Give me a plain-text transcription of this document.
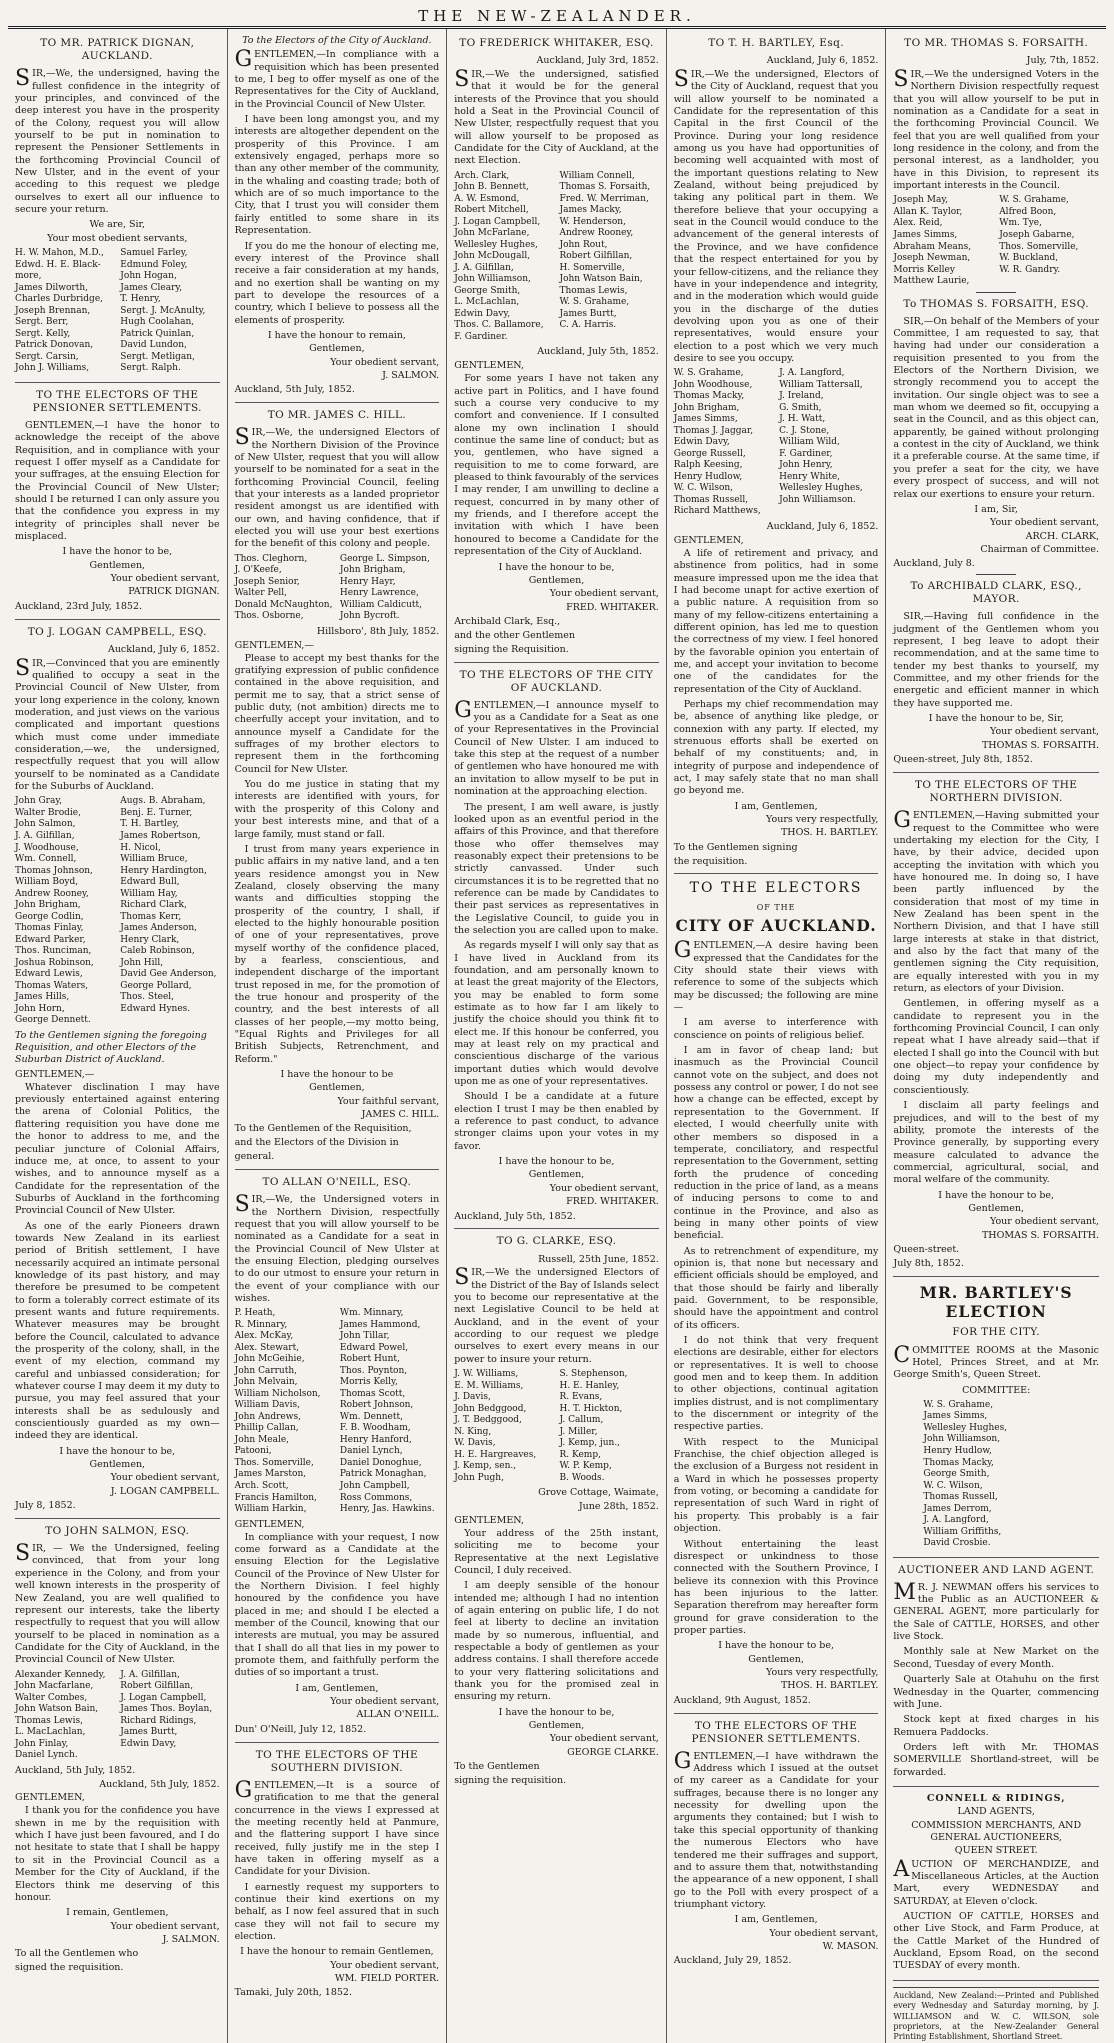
THE NEW-ZEALANDER.
TO MR. PATRICK DIGNAN, AUCKLAND.

SIR,—We, the undersigned, having the fullest confidence in the integrity of your principles, and convinced of the deep interest you have in the prosperity of the Colony, request you will allow yourself to be put in nomination to represent the Pensioner Settlements in the forthcoming Provincial Council of New Ulster, and in the event of your acceding to this request we pledge ourselves to exert all our influence to secure your return.

We are, Sir,
Your most obedient servants,
H. W. Mahon, M.D.,	Samuel Farley,
Edwd. H. E. Black-	Edmund Foley,
more,	John Hogan,
James Dilworth,	James Cleary,
Charles Durbridge,	T. Henry,
Joseph Brennan,	Sergt. J. McAnulty,
Sergt. Berr,	Hugh Coolahan,
Sergt. Kelly,	Patrick Quinlan,
Patrick Donovan,	David Lundon,
Sergt. Carsin,	Sergt. Metligan,
John J. Williams,	Sergt. Ralph.
TO THE ELECTORS OF THE PENSIONER SETTLEMENTS.

GENTLEMEN,—I have the honor to acknowledge the receipt of the above Requisition, and in compliance with your request I offer myself as a Candidate for your suffrages, at the ensuing Election for the Provincial Council of New Ulster; should I be returned I can only assure you that the confidence you express in my integrity of principles shall never be misplaced.

I have the honor to be,
Gentlemen,
Your obedient servant,
PATRICK DIGNAN.
Auckland, 23rd July, 1852.
TO J. LOGAN CAMPBELL, ESQ.
Auckland, July 6, 1852.

SIR,—Convinced that you are eminently qualified to occupy a seat in the Provincial Council of New Ulster, from your long experience in the colony, known moderation, and just views on the various complicated and important questions which must come under immediate consideration,—we, the undersigned, respectfully request that you will allow yourself to be nominated as a Candidate for the Suburbs of Auckland.

John Gray,	Augs. B. Abraham,
Walter Brodie,	Benj. E. Turner,
John Salmon,	T. H. Bartley,
J. A. Gilfillan,	James Robertson,
J. Woodhouse,	H. Nicol,
Wm. Connell,	William Bruce,
Thomas Johnson,	Henry Hardington,
William Boyd,	Edward Bull,
Andrew Rooney,	William Hay,
John Brigham,	Richard Clark,
George Codlin,	Thomas Kerr,
Thomas Finlay,	James Anderson,
Edward Parker,	Henry Clark,
Thos. Runciman,	Caleb Robinson,
Joshua Robinson,	John Hill,
Edward Lewis,	David Gee Anderson,
Thomas Waters,	George Pollard,
James Hills,	Thos. Steel,
John Horn,	Edward Hynes.
George Dennett.
To the Gentlemen signing the foregoing Requisition, and other Electors of the Suburban District of Auckland.
GENTLEMEN,—

Whatever disclination I may have previously entertained against entering the arena of Colonial Politics, the flattering requisition you have done me the honor to address to me, and the peculiar juncture of Colonial Affairs, induce me, at once, to assent to your wishes, and to announce myself as a Candidate for the representation of the Suburbs of Auckland in the forthcoming Provincial Council of New Ulster.

As one of the early Pioneers drawn towards New Zealand in its earliest period of British settlement, I have necessarily acquired an intimate personal knowledge of its past history, and may therefore be presumed to be competent to form a tolerably correct estimate of its present wants and future requirements. Whatever measures may be brought before the Council, calculated to advance the prosperity of the colony, shall, in the event of my election, command my careful and unbiassed consideration; for whatever course I may deem it my duty to pursue, you may feel assured that your interests shall be as sedulously and conscientiously guarded as my own—indeed they are identical.

I have the honour to be,
Gentlemen,
Your obedient servant,
J. LOGAN CAMPBELL.
July 8, 1852.
TO JOHN SALMON, ESQ.

SIR, — We the Undersigned, feeling convinced, that from your long experience in the Colony, and from your well known interests in the prosperity of New Zealand, you are well qualified to represent our interests, take the liberty respectfully to request that you will allow yourself to be placed in nomination as a Candidate for the City of Auckland, in the Provincial Council of New Ulster.

Alexander Kennedy,	J. A. Gilfillan,
John Macfarlane,	Robert Gilfillan,
Walter Combes,	J. Logan Campbell,
John Watson Bain,	James Thos. Boylan,
Thomas Lewis,	Richard Ridings,
L. MacLachlan,	James Burtt,
John Finlay,	Edwin Davy,
Daniel Lynch.
Auckland, 5th July, 1852.
Auckland, 5th July, 1852.
GENTLEMEN,

I thank you for the confidence you have shewn in me by the requisition with which I have just been favoured, and I do not hesitate to state that I shall be happy to sit in the Provincial Council as a Member for the City of Auckland, if the Electors think me deserving of this honour.

I remain, Gentlemen,
Your obedient servant,
J. SALMON.
To all the Gentlemen who
signed the requisition.
To the Electors of the City of Auckland.

GENTLEMEN,—In compliance with a requisition which has been presented to me, I beg to offer myself as one of the Representatives for the City of Auckland, in the Provincial Council of New Ulster.

I have been long amongst you, and my interests are altogether dependent on the prosperity of this Province. I am extensively engaged, perhaps more so than any other member of the community, in the whaling and coasting trade; both of which are of so much importance to the City, that I trust you will consider them fairly entitled to some share in its Representation.

If you do me the honour of electing me, every interest of the Province shall receive a fair consideration at my hands, and no exertion shall be wanting on my part to develope the resources of a country, which I believe to possess all the elements of prosperity.

I have the honour to remain,
Gentlemen,
Your obedient servant,
J. SALMON.
Auckland, 5th July, 1852.
TO MR. JAMES C. HILL.

SIR,—We, the undersigned Electors of the Northern Division of the Province of New Ulster, request that you will allow yourself to be nominated for a seat in the forthcoming Provincial Council, feeling that your interests as a landed proprietor resident amongst us are identified with our own, and having confidence, that if elected you will use your best exertions for the benefit of this colony and people.

Thos. Cleghorn,	George L. Simpson,
J. O'Keefe,	John Brigham,
Joseph Senior,	Henry Hayr,
Walter Pell,	Henry Lawrence,
Donald McNaughton, William Caldicutt,
Thos. Osborne,	John Bycroft.
Hillsboro', 8th July, 1852.
GENTLEMEN,—

Please to accept my best thanks for the gratifying expression of public confidence contained in the above requisition, and permit me to say, that a strict sense of public duty, (not ambition) directs me to cheerfully accept your invitation, and to announce myself a Candidate for the suffrages of my brother electors to represent them in the forthcoming Council for New Ulster.

You do me justice in stating that my interests are identified with yours, for with the prosperity of this Colony and your best interests mine, and that of a large family, must stand or fall.

I trust from many years experience in public affairs in my native land, and a ten years residence amongst you in New Zealand, closely observing the many wants and difficulties stopping the prosperity of the country, I shall, if elected to the highly honourable position of one of your representatives, prove myself worthy of the confidence placed, by a fearless, conscientious, and independent discharge of the important trust reposed in me, for the promotion of the true honour and prosperity of the country, and the best interests of all classes of her people,—my motto being, "Equal Rights and Privileges for all British Subjects, Retrenchment, and Reform."

I have the honour to be
Gentlemen,
Your faithful servant,
JAMES C. HILL.
To the Gentlemen of the Requisition,
and the Electors of the Division in
general.
TO ALLAN O'NEILL, ESQ.

SIR,—We, the Undersigned voters in the Northern Division, respectfully request that you will allow yourself to be nominated as a Candidate for a seat in the Provincial Council of New Ulster at the ensuing Election, pledging ourselves to do our utmost to ensure your return in the event of your compliance with our wishes.

P. Heath,	Wm. Minnary,
R. Minnary,	James Hammond,
Alex. McKay,	John Tillar,
Alex. Stewart,	Edward Powel,
John McGeihie,	Robert Hunt,
John Carruth,	Thos. Poynton,
John Melvain,	Morris Kelly,
William Nicholson,	Thomas Scott,
William Davis,	Robert Johnson,
John Andrews,	Wm. Dennett,
Phillip Callan,	F. B. Woodham,
John Meale,	Henry Hanford,
Patooni,	Daniel Lynch,
Thos. Somerville,	Daniel Donoghue,
James Marston,	Patrick Monaghan,
Arch. Scott,	John Campbell,
Francis Hamilton,	Ross Commons,
William Harkin,	Henry, Jas. Hawkins.
GENTLEMEN,

In compliance with your request, I now come forward as a Candidate at the ensuing Election for the Legislative Council of the Province of New Ulster for the Northern Division. I feel highly honoured by the confidence you have placed in me; and should I be elected a member of the Council, knowing that our interests are mutual, you may be assured that I shall do all that lies in my power to promote them, and faithfully perform the duties of so important a trust.

I am, Gentlemen,
Your obedient servant,
ALLAN O'NEILL.
Dun' O'Neill, July 12, 1852.
TO THE ELECTORS OF THE SOUTHERN DIVISION.

GENTLEMEN,—It is a source of gratification to me that the general concurrence in the views I expressed at the meeting recently held at Panmure, and the flattering support I have since received, fully justify me in the step I have taken in offering myself as a Candidate for your Division.

I earnestly request my supporters to continue their kind exertions on my behalf, as I now feel assured that in such case they will not fail to secure my election.

I have the honour to remain Gentlemen,
Your obedient servant,
WM. FIELD PORTER.
Tamaki, July 20th, 1852.
TO FREDERICK WHITAKER, ESQ.
Auckland, July 3rd, 1852.

SIR,—We the undersigned, satisfied that it would be for the general interests of the Province that you should hold a Seat in the Provincial Council of New Ulster, respectfully request that you will allow yourself to be proposed as Candidate for the City of Auckland, at the next Election.

Arch. Clark,	William Connell,
John B. Bennett,	Thomas S. Forsaith,
A. W. Esmond,	Fred. W. Merriman,
Robert Mitchell,	James Macky,
J. Logan Campbell,	W. Henderson,
John McFarlane,	Andrew Rooney,
Wellesley Hughes,	John Rout,
John McDougall,	Robert Gilfillan,
J. A. Gilfillan,	H. Somerville,
John Williamson,	John Watson Bain,
George Smith,	Thomas Lewis,
L. McLachlan,	W. S. Grahame,
Edwin Davy,	James Burtt,
Thos. C. Ballamore,	C. A. Harris.
F. Gardiner.
Auckland, July 5th, 1852.
GENTLEMEN,

For some years I have not taken any active part in Politics, and I have found such a course very conducive to my comfort and convenience. If I consulted alone my own inclination I should continue the same line of conduct; but as you, gentlemen, who have signed a requisition to me to come forward, are pleased to think favourably of the services I may render, I am unwilling to decline a request, concurred in by many other of my friends, and I therefore accept the invitation with which I have been honoured to become a Candidate for the representation of the City of Auckland.

I have the honour to be,
Gentlemen,
Your obedient servant,
FRED. WHITAKER.
Archibald Clark, Esq.,
and the other Gentlemen
signing the Requisition.
TO THE ELECTORS OF THE CITY OF AUCKLAND.

GENTLEMEN,—I announce myself to you as a Candidate for a Seat as one of your Representatives in the Provincial Council of New Ulster. I am induced to take this step at the request of a number of gentlemen who have honoured me with an invitation to allow myself to be put in nomination at the approaching election.

The present, I am well aware, is justly looked upon as an eventful period in the affairs of this Province, and that therefore those who offer themselves may reasonably expect their pretensions to be strictly canvassed. Under such circumstances it is to be regretted that no reference can be made by Candidates to their past services as representatives in the Legislative Council, to guide you in the selection you are called upon to make.

As regards myself I will only say that as I have lived in Auckland from its foundation, and am personally known to at least the great majority of the Electors, you may be enabled to form some estimate as to how far I am likely to justify the choice should you think fit to elect me. If this honour be conferred, you may at least rely on my practical and conscientious discharge of the various important duties which would devolve upon me as one of your representatives.

Should I be a candidate at a future election I trust I may be then enabled by a reference to past conduct, to advance stronger claims upon your votes in my favor.

I have the honour to be,
Gentlemen,
Your obedient servant,
FRED. WHITAKER.
Auckland, July 5th, 1852.
TO G. CLARKE, ESQ.
Russell, 25th June, 1852.

SIR,—We the undersigned Electors of the District of the Bay of Islands select you to become our representative at the next Legislative Council to be held at Auckland, and in the event of your according to our request we pledge ourselves to exert every means in our power to insure your return.

J. W. Williams,	S. Stephenson,
E. M. Williams,	H. E. Hanley,
J. Davis,	R. Evans,
John Bedggood,	H. T. Hickton,
J. T. Bedggood,	J. Callum,
N. King,	J. Miller,
W. Davis,	J. Kemp, jun.,
H. E. Hargreaves,	R. Kemp,
J. Kemp, sen.,	W. P. Kemp,
John Pugh,	B. Woods.
Grove Cottage, Waimate,
June 28th, 1852.
GENTLEMEN,

Your address of the 25th instant, soliciting me to become your Representative at the next Legislative Council, I duly received.

I am deeply sensible of the honour intended me; although I had no intention of again entering on public life, I do not feel at liberty to decline an invitation made by so numerous, influential, and respectable a body of gentlemen as your address contains. I shall therefore accede to your very flattering solicitations and thank you for the promised zeal in ensuring my return.

I have the honour to be,
Gentlemen,
Your obedient servant,
GEORGE CLARKE.
To the Gentlemen
signing the requisition.
TO T. H. BARTLEY, Esq.
Auckland, July 6, 1852.

SIR,—We the undersigned, Electors of the City of Auckland, request that you will allow yourself to be nominated a Candidate for the representation of this Capital in the first Council of the Province. During your long residence among us you have had opportunities of becoming well acquainted with most of the important questions relating to New Zealand, without being prejudiced by taking any political part in them. We therefore believe that your occupying a seat in the Council would conduce to the advancement of the general interests of the Province, and we have confidence that the respect entertained for you by your fellow-citizens, and the reliance they have in your independence and integrity, and in the moderation which would guide you in the discharge of the duties devolving upon you as one of their representatives, would ensure your election to a post which we very much desire to see you occupy.

W. S. Grahame,	J. A. Langford,
John Woodhouse,	William Tattersall,
Thomas Macky,	J. Ireland,
John Brigham,	G. Smith,
James Simms,	J. H. Watt,
Thomas J. Jaggar,	C. J. Stone,
Edwin Davy,	William Wild,
George Russell,	F. Gardiner,
Ralph Keesing,	John Henry,
Henry Hudlow,	Henry White,
W. C. Wilson,	Wellesley Hughes,
Thomas Russell,	John Williamson.
Richard Matthews,
Auckland, July 6, 1852.
GENTLEMEN,

A life of retirement and privacy, and abstinence from politics, had in some measure impressed upon me the idea that I had become unapt for active exertion of a public nature. A requisition from so many of my fellow-citizens entertaining a different opinion, has led me to question the correctness of my view. I feel honored by the favorable opinion you entertain of me, and accept your invitation to become one of the candidates for the representation of the City of Auckland.

Perhaps my chief recommendation may be, absence of anything like pledge, or connexion with any party. If elected, my strenuous efforts shall be exerted on behalf of my constituents; and, in integrity of purpose and independence of act, I may safely state that no man shall go beyond me.

I am, Gentlemen,
Yours very respectfully,
THOS. H. BARTLEY.
To the Gentlemen signing
the requisition.
TO THE ELECTORS
OF THE
CITY OF AUCKLAND.

GENTLEMEN,—A desire having been expressed that the Candidates for the City should state their views with reference to some of the subjects which may be discussed; the following are mine—

I am averse to interference with conscience on points of religious belief.

I am in favor of cheap land; but inasmuch as the Provincial Council cannot vote on the subject, and does not possess any control or power, I do not see how a change can be effected, except by representation to the Government. If elected, I would cheerfully unite with other members so disposed in a temperate, conciliatory, and respectful representation to the Government, setting forth the prudence of conceding reduction in the price of land, as a means of inducing persons to come to and continue in the Province, and also as being in many other points of view beneficial.

As to retrenchment of expenditure, my opinion is, that none but necessary and efficient officials should be employed, and that those should be fairly and liberally paid. Government, to be responsible, should have the appointment and control of its officers.

I do not think that very frequent elections are desirable, either for electors or representatives. It is well to choose good men and to keep them. In addition to other objections, continual agitation implies distrust, and is not complimentary to the discernment or integrity of the respective parties.

With respect to the Municipal Franchise, the chief objection alleged is the exclusion of a Burgess not resident in a Ward in which he possesses property from voting, or becoming a candidate for representation of such Ward in right of his property. This probably is a fair objection.

Without entertaining the least disrespect or unkindness to those connected with the Southern Province, I believe its connexion with this Province has been injurious to the latter. Separation therefrom may hereafter form ground for grave consideration to the proper parties.

I have the honour to be,
Gentlemen,
Yours very respectfully,
THOS. H. BARTLEY.
Auckland, 9th August, 1852.
TO THE ELECTORS OF THE PENSIONER SETTLEMENTS.

GENTLEMEN,—I have withdrawn the Address which I issued at the outset of my career as a Candidate for your suffrages, because there is no longer any necessity for dwelling upon the arguments they contained; but I wish to take this special opportunity of thanking the numerous Electors who have tendered me their suffrages and support, and to assure them that, notwithstanding the appearance of a new opponent, I shall go to the Poll with every prospect of a triumphant victory.

I am, Gentlemen,
Your obedient servant,
W. MASON.
Auckland, July 29, 1852.
TO MR. THOMAS S. FORSAITH.
July, 7th, 1852.

SIR,—We the undersigned Voters in the Northern Division respectfully request that you will allow yourself to be put in nomination as a Candidate for a seat in the forthcoming Provincial Council. We feel that you are well qualified from your long residence in the colony, and from the personal interest, as a landholder, you have in this Division, to represent its important interests in the Council.

Joseph May,	W. S. Grahame,
Allan K. Taylor,	Alfred Boon,
Alex. Reid,	Wm. Tye,
James Simms,	Joseph Gabarne,
Abraham Means,	Thos. Somerville,
Joseph Newman,	W. Buckland,
Morris Kelley	W. R. Gandry.
Matthew Laurie,
To THOMAS S. FORSAITH, ESQ.

SIR,—On behalf of the Members of your Committee, I am requested to say, that having had under our consideration a requisition presented to you from the Electors of the Northern Division, we strongly recommend you to accept the invitation. Our single object was to see a man whom we deemed so fit, occupying a seat in the Council, and as this object can, apparently, be gained without prolonging a contest in the city of Auckland, we think it a preferable course. At the same time, if you prefer a seat for the city, we have every prospect of success, and will not relax our exertions to ensure your return.

I am, Sir,
Your obedient servant,
ARCH. CLARK,
Chairman of Committee.
Auckland, July 8.
To ARCHIBALD CLARK, ESQ., MAYOR.

SIR,—Having full confidence in the judgment of the Gentlemen whom you represent, I beg leave to adopt their recommendation, and at the same time to tender my best thanks to yourself, my Committee, and my other friends for the energetic and efficient manner in which they have supported me.

I have the honour to be, Sir,
Your obedient servant,
THOMAS S. FORSAITH.
Queen-street, July 8th, 1852.
TO THE ELECTORS OF THE NORTHERN DIVISION.

GENTLEMEN,—Having submitted your request to the Committee who were undertaking my election for the City, I have, by their advice, decided upon accepting the invitation with which you have honoured me. In doing so, I have been partly influenced by the consideration that most of my time in New Zealand has been spent in the Northern Division, and that I have still large interests at stake in that district, and also by the fact that many of the gentlemen signing the City requisition, are equally interested with you in my return, as electors of your Division.

Gentlemen, in offering myself as a candidate to represent you in the forthcoming Provincial Council, I can only repeat what I have already said—that if elected I shall go into the Council with but one object—to repay your confidence by doing my duty independently and conscientiously.

I disclaim all party feelings and prejudices, and will to the best of my ability, promote the interests of the Province generally, by supporting every measure calculated to advance the commercial, agricultural, social, and moral welfare of the community.

I have the honour to be,
Gentlemen,
Your obedient servant,
THOMAS S. FORSAITH.
Queen-street.
July 8th, 1852.
MR. BARTLEY'S ELECTION
FOR THE CITY.

COMMITTEE ROOMS at the Masonic Hotel, Princes Street, and at Mr. George Smith's, Queen Street.

COMMITTEE:
W. S. Grahame,
James Simms,
Wellesley Hughes,
John Williamson,
Henry Hudlow,
Thomas Macky,
George Smith,
W. C. Wilson,
Thomas Russell,
James Derrom,
J. A. Langford,
William Griffiths,
David Crosbie.
AUCTIONEER AND LAND AGENT.

MR. J. NEWMAN offers his services to the Public as an AUCTIONEER & GENERAL AGENT, more particularly for the Sale of CATTLE, HORSES, and other live Stock.

Monthly sale at New Market on the Second, Tuesday of every Month.

Quarterly Sale at Otahuhu on the first Wednesday in the Quarter, commencing with June.

Stock kept at fixed charges in his Remuera Paddocks.

Orders left with Mr. THOMAS SOMERVILLE Shortland-street, will be forwarded.

CONNELL & RIDINGS,
LAND AGENTS,
COMMISSION MERCHANTS, AND GENERAL AUCTIONEERS,
QUEEN STREET.

AUCTION OF MERCHANDIZE, and Miscellaneous Articles, at the Auction Mart, every WEDNESDAY and SATURDAY, at Eleven o'clock.

AUCTION OF CATTLE, HORSES and other Live Stock, and Farm Produce, at the Cattle Market of the Hundred of Auckland, Epsom Road, on the second TUESDAY of every month.

Auckland, New Zealand:—Printed and Published every Wednesday and Saturday morning, by J. WILLIAMSON and W. C. WILSON, sole proprietors, at the New-Zealander General Printing Establishment, Shortland Street.
